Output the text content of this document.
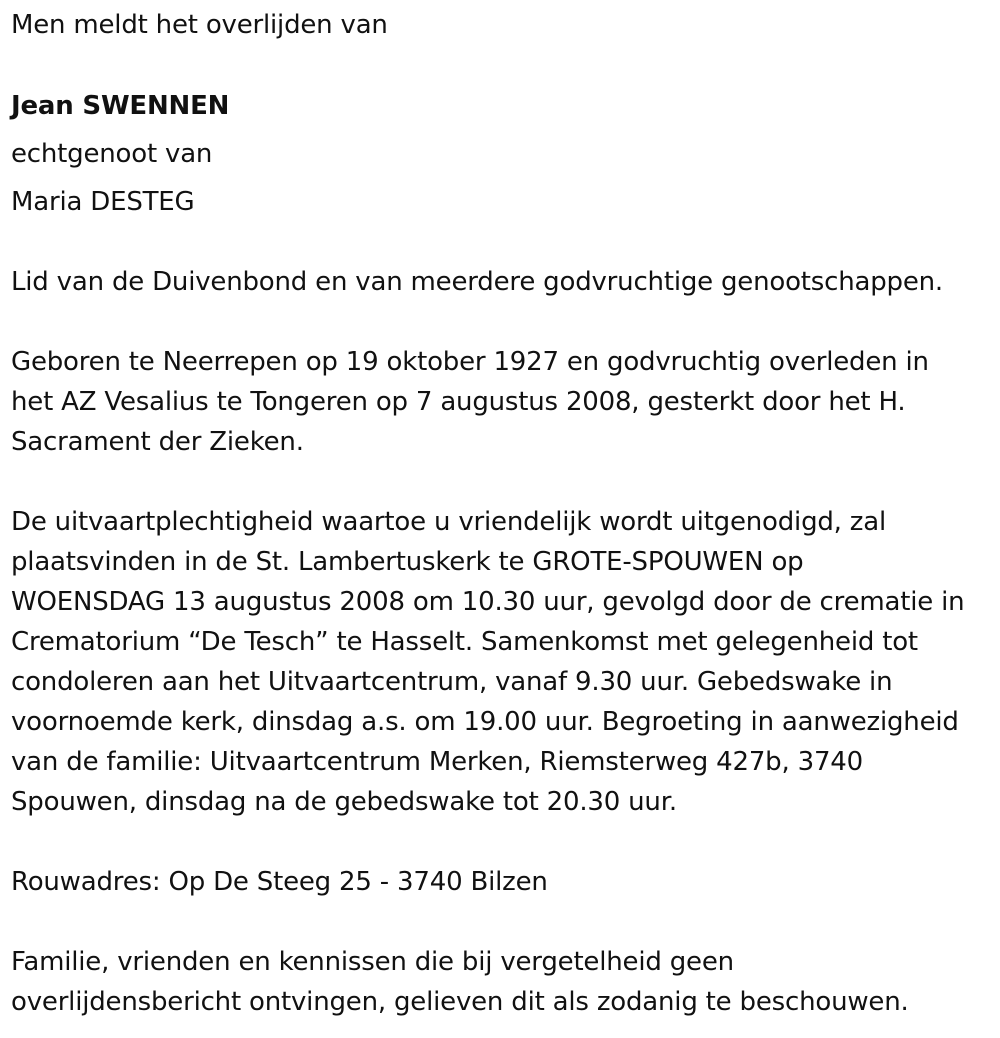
Men meldt het overlijden van

Jean SWENNEN

echtgenoot van

Maria DESTEG

Lid van de Duivenbond en van meerdere godvruchtige genootschappen.

Geboren te Neerrepen op 19 oktober 1927 en godvruchtig overleden in

het AZ Vesalius te Tongeren op 7 augustus 2008, gesterkt door het H.

Sacrament der Zieken.

De uitvaartplechtigheid waartoe u vriendelijk wordt uitgenodigd, zal

plaatsvinden in de St. Lambertuskerk te GROTE-SPOUWEN op

WOENSDAG 13 augustus 2008 om 10.30 uur, gevolgd door de crematie in

Crematorium “De Tesch” te Hasselt. Samenkomst met gelegenheid tot

condoleren aan het Uitvaartcentrum, vanaf 9.30 uur. Gebedswake in

voornoemde kerk, dinsdag a.s. om 19.00 uur. Begroeting in aanwezigheid

van de familie: Uitvaartcentrum Merken, Riemsterweg 427b, 3740

Spouwen, dinsdag na de gebedswake tot 20.30 uur.

Rouwadres: Op De Steeg 25 - 3740 Bilzen

Familie, vrienden en kennissen die bij vergetelheid geen

overlijdensbericht ontvingen, gelieven dit als zodanig te beschouwen.
